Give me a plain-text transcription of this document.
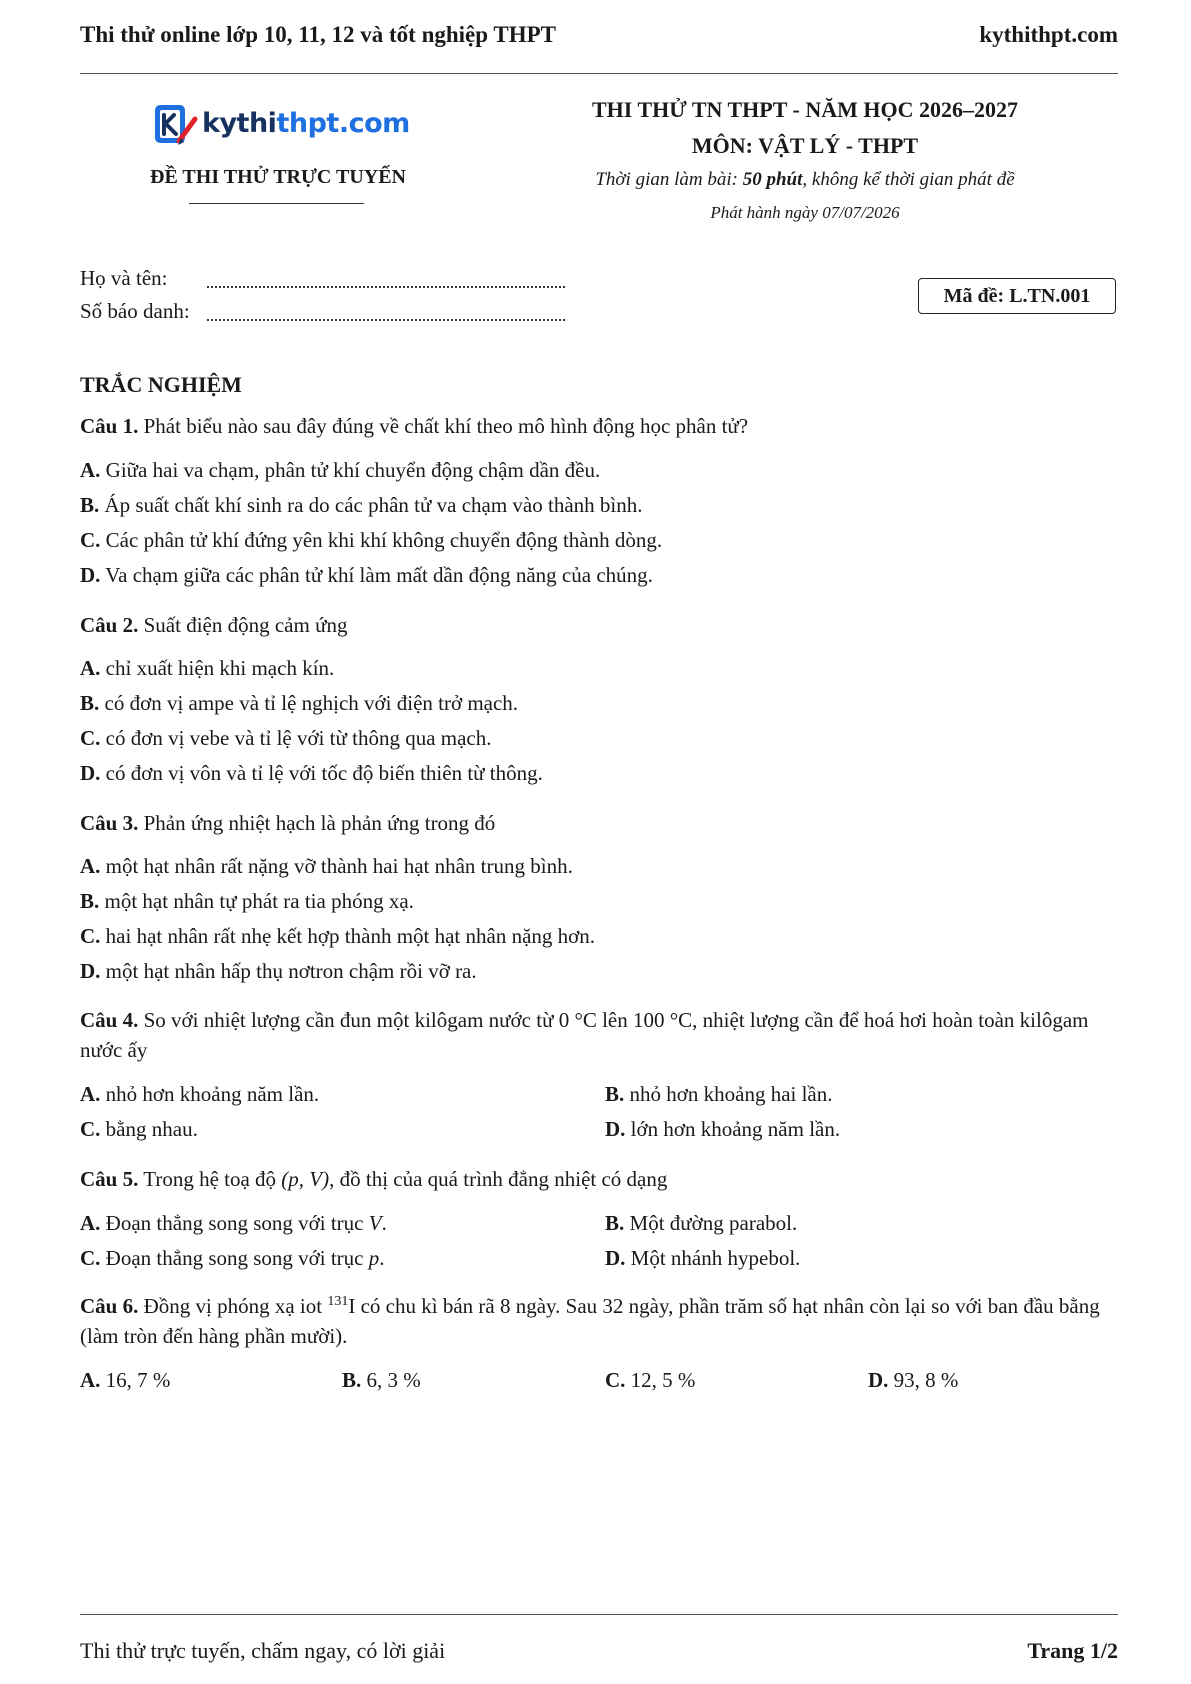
Thi thử online lớp 10, 11, 12 và tốt nghiệp THPT	kythithpt.com
kythithpt.com
ĐỀ THI THỬ TRỰC TUYẾN
THI THỬ TN THPT - NĂM HỌC 2026–2027
MÔN: VẬT LÝ - THPT
Thời gian làm bài: 50 phút, không kể thời gian phát đề
Phát hành ngày 07/07/2026
Họ và tên:
Số báo danh:
Mã đề: L.TN.001
TRẮC NGHIỆM
Câu 1. Phát biểu nào sau đây đúng về chất khí theo mô hình động học phân tử?
A. Giữa hai va chạm, phân tử khí chuyển động chậm dần đều.
B. Áp suất chất khí sinh ra do các phân tử va chạm vào thành bình.
C. Các phân tử khí đứng yên khi khí không chuyển động thành dòng.
D. Va chạm giữa các phân tử khí làm mất dần động năng của chúng.
Câu 2. Suất điện động cảm ứng
A. chỉ xuất hiện khi mạch kín.
B. có đơn vị ampe và tỉ lệ nghịch với điện trở mạch.
C. có đơn vị vebe và tỉ lệ với từ thông qua mạch.
D. có đơn vị vôn và tỉ lệ với tốc độ biến thiên từ thông.
Câu 3. Phản ứng nhiệt hạch là phản ứng trong đó
A. một hạt nhân rất nặng vỡ thành hai hạt nhân trung bình.
B. một hạt nhân tự phát ra tia phóng xạ.
C. hai hạt nhân rất nhẹ kết hợp thành một hạt nhân nặng hơn.
D. một hạt nhân hấp thụ nơtron chậm rồi vỡ ra.
Câu 4. So với nhiệt lượng cần đun một kilôgam nước từ 0 °C lên 100 °C, nhiệt lượng cần để hoá hơi hoàn toàn kilôgam nước ấy
A. nhỏ hơn khoảng năm lần.	B. nhỏ hơn khoảng hai lần.
C. bằng nhau.	D. lớn hơn khoảng năm lần.
Câu 5. Trong hệ toạ độ (p, V), đồ thị của quá trình đẳng nhiệt có dạng
A. Đoạn thẳng song song với trục V.	B. Một đường parabol.
C. Đoạn thẳng song song với trục p.	D. Một nhánh hypebol.
Câu 6. Đồng vị phóng xạ iot $^{131}$I có chu kì bán rã 8 ngày. Sau 32 ngày, phần trăm số hạt nhân còn lại so với ban đầu bằng (làm tròn đến hàng phần mười).
A. 16, 7 %	B. 6, 3 %	C. 12, 5 %	D. 93, 8 %
Thi thử trực tuyến, chấm ngay, có lời giải	Trang 1/2
